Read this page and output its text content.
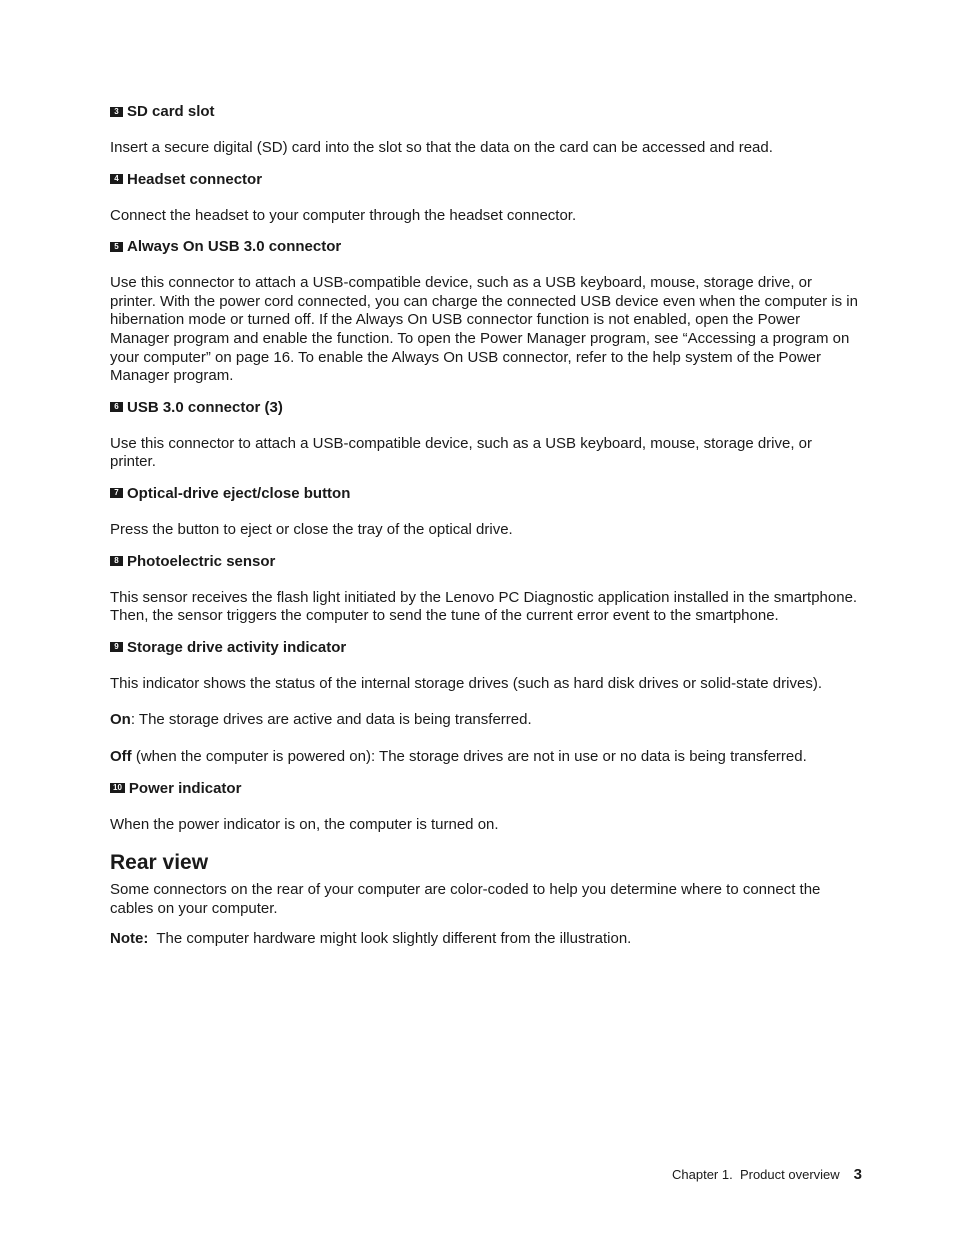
3 SD card slot

Insert a secure digital (SD) card into the slot so that the data on the card can be accessed and read.

4 Headset connector

Connect the headset to your computer through the headset connector.

5 Always On USB 3.0 connector

Use this connector to attach a USB-compatible device, such as a USB keyboard, mouse, storage drive, or printer. With the power cord connected, you can charge the connected USB device even when the computer is in hibernation mode or turned off. If the Always On USB connector function is not enabled, open the Power Manager program and enable the function. To open the Power Manager program, see “Accessing a program on your computer” on page 16. To enable the Always On USB connector, refer to the help system of the Power Manager program.

6 USB 3.0 connector (3)

Use this connector to attach a USB-compatible device, such as a USB keyboard, mouse, storage drive, or printer.

7 Optical-drive eject/close button

Press the button to eject or close the tray of the optical drive.

8 Photoelectric sensor

This sensor receives the flash light initiated by the Lenovo PC Diagnostic application installed in the smartphone. Then, the sensor triggers the computer to send the tune of the current error event to the smartphone.

9 Storage drive activity indicator

This indicator shows the status of the internal storage drives (such as hard disk drives or solid-state drives).

On: The storage drives are active and data is being transferred.

Off (when the computer is powered on): The storage drives are not in use or no data is being transferred.

10 Power indicator

When the power indicator is on, the computer is turned on.

Rear view

Some connectors on the rear of your computer are color-coded to help you determine where to connect the cables on your computer.

Note:  The computer hardware might look slightly different from the illustration.

Chapter 1.  Product overview 3
